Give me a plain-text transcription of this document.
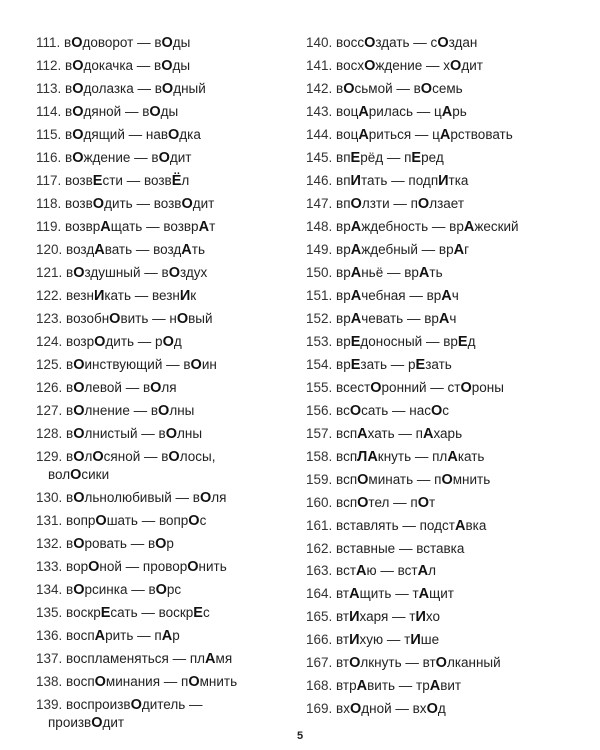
111. вОдоворот — вОды
112. вОдокачка — вОды
113. вОдолазка — вОдный
114. вОдяной — вОды
115. вОдящий — навОдка
116. вОждение — вОдит
117. возвЕсти — возвЁл
118. возвОдить — возвОдит
119. возврАщать — возврАт
120. воздАвать — воздАть
121. вОздушный — вОздух
122. везнИкать — везнИк
123. возобнОвить — нОвый
124. возрОдить — рОд
125. вОинствующий — вОин
126. вОлевой — вОля
127. вОлнение — вОлны
128. вОлнистый — вОлны
129. вОлОсяной — вОлосы,
волОсики
130. вОльнолюбивый — вОля
131. вопрОшать — вопрОс
132. вОровать — вОр
133. ворОной — проворОнить
134. вОрсинка — вОрс
135. воскрЕсать — воскрЕс
136. воспАрить — пАр
137. воспламеняться — плАмя
138. воспОминания — пОмнить
139. воспроизвОдитель —
произвОдит
140. воссОздать — сОздан
141. восхОждение — хОдит
142. вОсьмой — вОсемь
143. воцАрилась — цАрь
144. воцАриться — цАрствовать
145. впЕрёд — пЕред
146. впИтать — подпИтка
147. впОлзти — пОлзает
148. врАждебность — врАжеский
149. врАждебный — врАг
150. врАньё — врАть
151. врАчебная — врАч
152. врАчевать — врАч
153. врЕдоносный — врЕд
154. врЕзать — рЕзать
155. всестОронний — стОроны
156. всОсать — насОс
157. вспАхать — пАхарь
158. вспЛАкнуть — плАкать
159. вспОминать — пОмнить
160. вспОтел — пОт
161. вставлять — подстАвка
162. вставные — вставка
163. встАю — встАл
164. втАщить — тАщит
165. втИхаря — тИхо
166. втИхую — тИше
167. втОлкнуть — втОлканный
168. втрАвить — трАвит
169. вхОдной — вхОд
5
